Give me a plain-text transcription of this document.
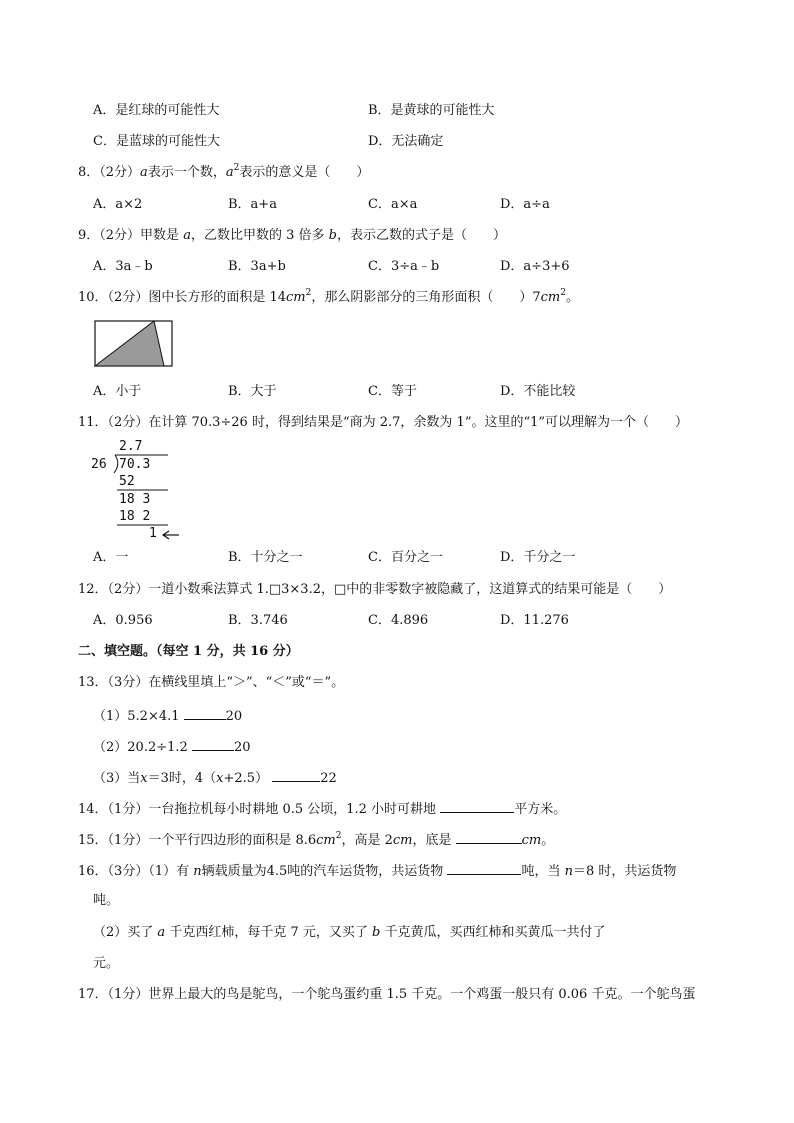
A．是红球的可能性大	B．是黄球的可能性大
C．是蓝球的可能性大	D．无法确定
8．（2分）a表示一个数，$a^2$表示的意义是（　　）
A．a×2	B．a+a	C．a×a	D．a÷a
9．（2分）甲数是 a，乙数比甲数的 3 倍多 b，表示乙数的式子是（　　）
A．3a﹣b	B．3a+b	C．3÷a﹣b	D．a÷3+6
10．（2分）图中长方形的面积是 $14cm^2$，那么阴影部分的三角形面积（　　）$7cm^2$。
A．小于	B．大于	C．等于	D．不能比较
11．（2分）在计算 70.3÷26 时，得到结果是“商为 2.7，余数为 1”。这里的“1”可以理解为一个（　　）
2.7
26 70.3
52
18 3
18 2
1
A．一	B．十分之一	C．百分之一	D．千分之一
12．（2分）一道小数乘法算式 1.□3×3.2，□中的非零数字被隐藏了，这道算式的结果可能是（　　）
A．0.956	B．3.746	C．4.896	D．11.276
二、填空题。（每空 1 分，共 16 分）
13．（3分）在横线里填上“＞”、“＜”或“＝”。
（1）5.2×4.1	20
（2）20.2÷1.2	20
（3）当x＝3时，4（x+2.5）	22
14．（1分）一台拖拉机每小时耕地 0.5 公顷，1.2 小时可耕地	平方米。
15．（1分）一个平行四边形的面积是 $8.6cm^2$，高是 2cm，底是	cm。
16．（3分）（1）有 n辆载质量为4.5吨的汽车运货物，共运货物	吨，当 n＝8 时，共运货物
吨。
（2）买了 a 千克西红柿，每千克 7 元，又买了 b 千克黄瓜，买西红柿和买黄瓜一共付了
元。
17．（1分）世界上最大的鸟是鸵鸟，一个鸵鸟蛋约重 1.5 千克。一个鸡蛋一般只有 0.06 千克。一个鸵鸟蛋
